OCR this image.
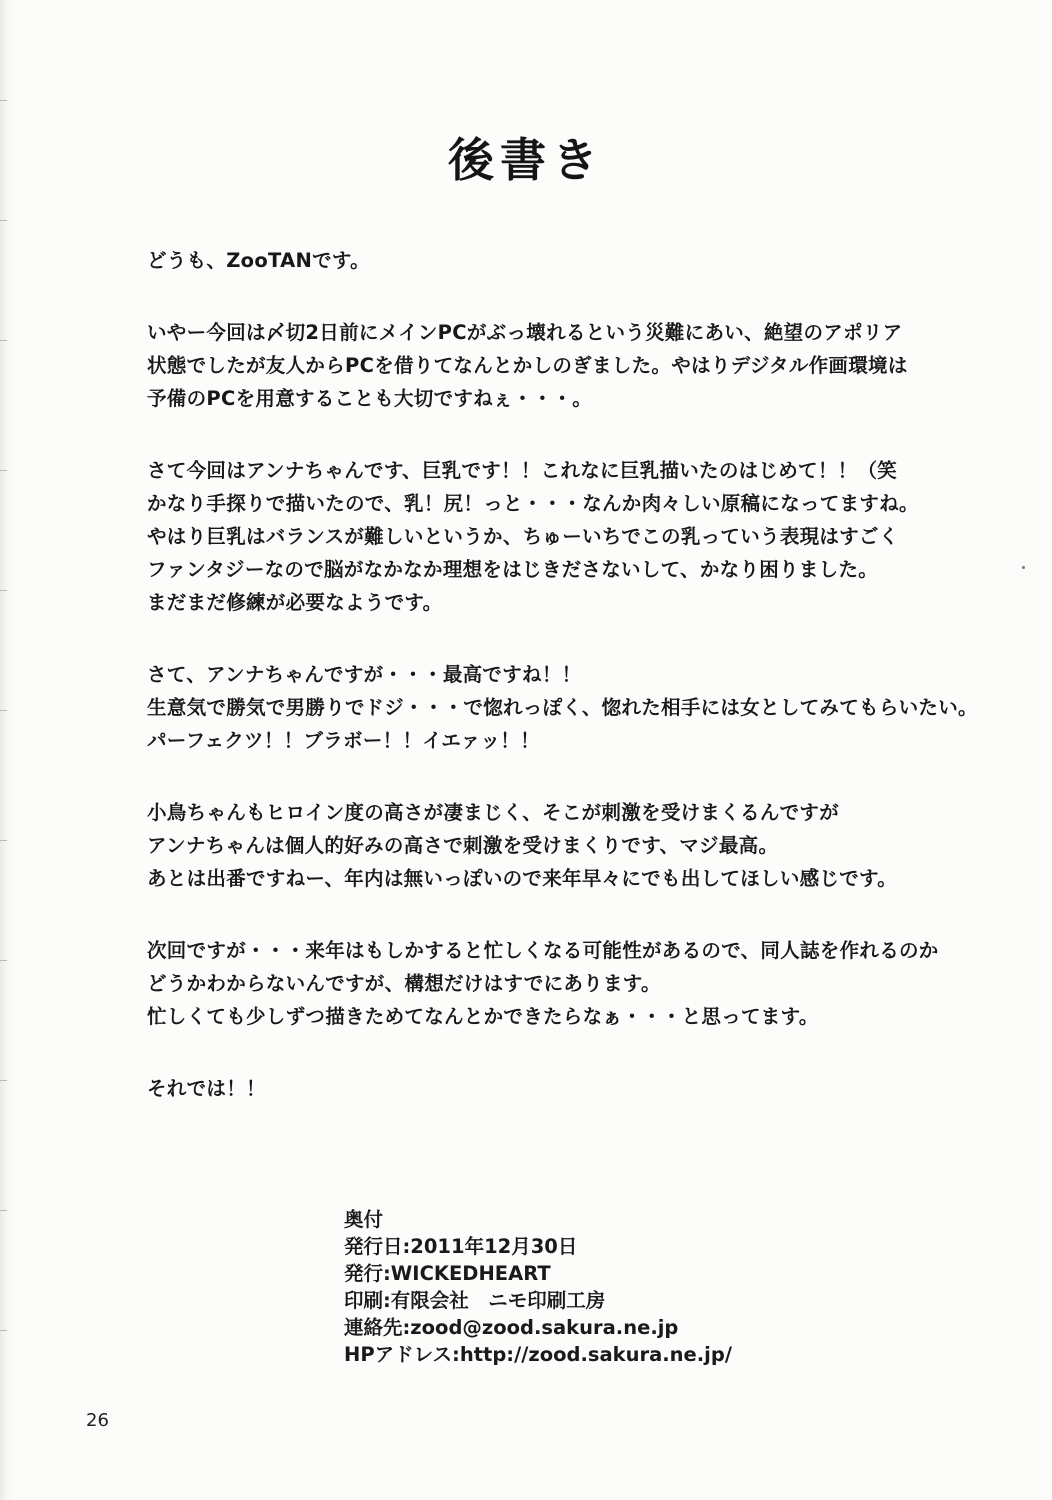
後書き
どうも、ZooTANです。
いやー今回は〆切2日前にメインPCがぶっ壊れるという災難にあい、絶望のアポリア
状態でしたが友人からPCを借りてなんとかしのぎました。やはりデジタル作画環境は
予備のPCを用意することも大切ですねぇ・・・。
さて今回はアンナちゃんです、巨乳です！！これなに巨乳描いたのはじめて！！（笑
かなり手探りで描いたので、乳！尻！っと・・・なんか肉々しい原稿になってますね。
やはり巨乳はバランスが難しいというか、ちゅーいちでこの乳っていう表現はすごく
ファンタジーなので脳がなかなか理想をはじきださないして、かなり困りました。
まだまだ修練が必要なようです。
さて、アンナちゃんですが・・・最高ですね！！
生意気で勝気で男勝りでドジ・・・で惚れっぽく、惚れた相手には女としてみてもらいたい。
パーフェクツ！！ブラボー！！イエァッ！！
小鳥ちゃんもヒロイン度の高さが凄まじく、そこが刺激を受けまくるんですが
アンナちゃんは個人的好みの高さで刺激を受けまくりです、マジ最高。
あとは出番ですねー、年内は無いっぽいので来年早々にでも出してほしい感じです。
次回ですが・・・来年はもしかすると忙しくなる可能性があるので、同人誌を作れるのか
どうかわからないんですが、構想だけはすでにあります。
忙しくても少しずつ描きためてなんとかできたらなぁ・・・と思ってます。
それでは！！
奥付
発行日:2011年12月30日
発行:WICKEDHEART
印刷:有限会社　ニモ印刷工房
連絡先:zood@zood.sakura.ne.jp
HPアドレス:http://zood.sakura.ne.jp/
26
